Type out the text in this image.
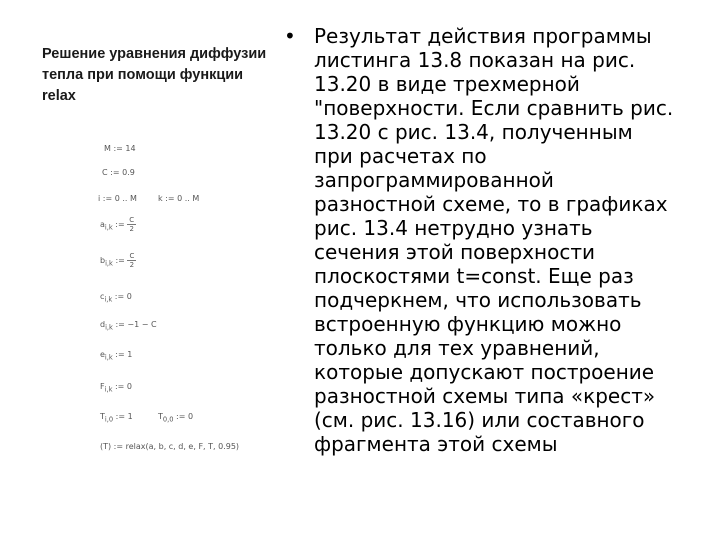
Решение уравнения диффузии тепла при помощи функции relax
M := 14
C := 0.9
i := 0 .. M	k := 0 .. M
$a_{i,k}$ := $\frac{C}{2}$
$b_{i,k}$ := $\frac{C}{2}$
$c_{i,k}$ := 0
$d_{i,k}$ := −1 − C
$e_{i,k}$ := 1
$F_{i,k}$ := 0
$T_{i,0}$ := 1	$T_{0,0}$ := 0
(T) := relax(a, b, c, d, e, F, T, 0.95)
• Результат действия программы листинга 13.8 показан на рис. 13.20 в виде трехмерной "поверхности. Если сравнить рис. 13.20 с рис. 13.4, полученным при расчетах по запрограммированной разностной схеме, то в графиках рис. 13.4 нетрудно узнать сечения этой поверхности плоскостями t=const. Еще раз подчеркнем, что использовать встроенную функцию можно только для тех уравнений, которые допускают построение разностной схемы типа «крест» (см. рис. 13.16) или составного фрагмента этой схемы
